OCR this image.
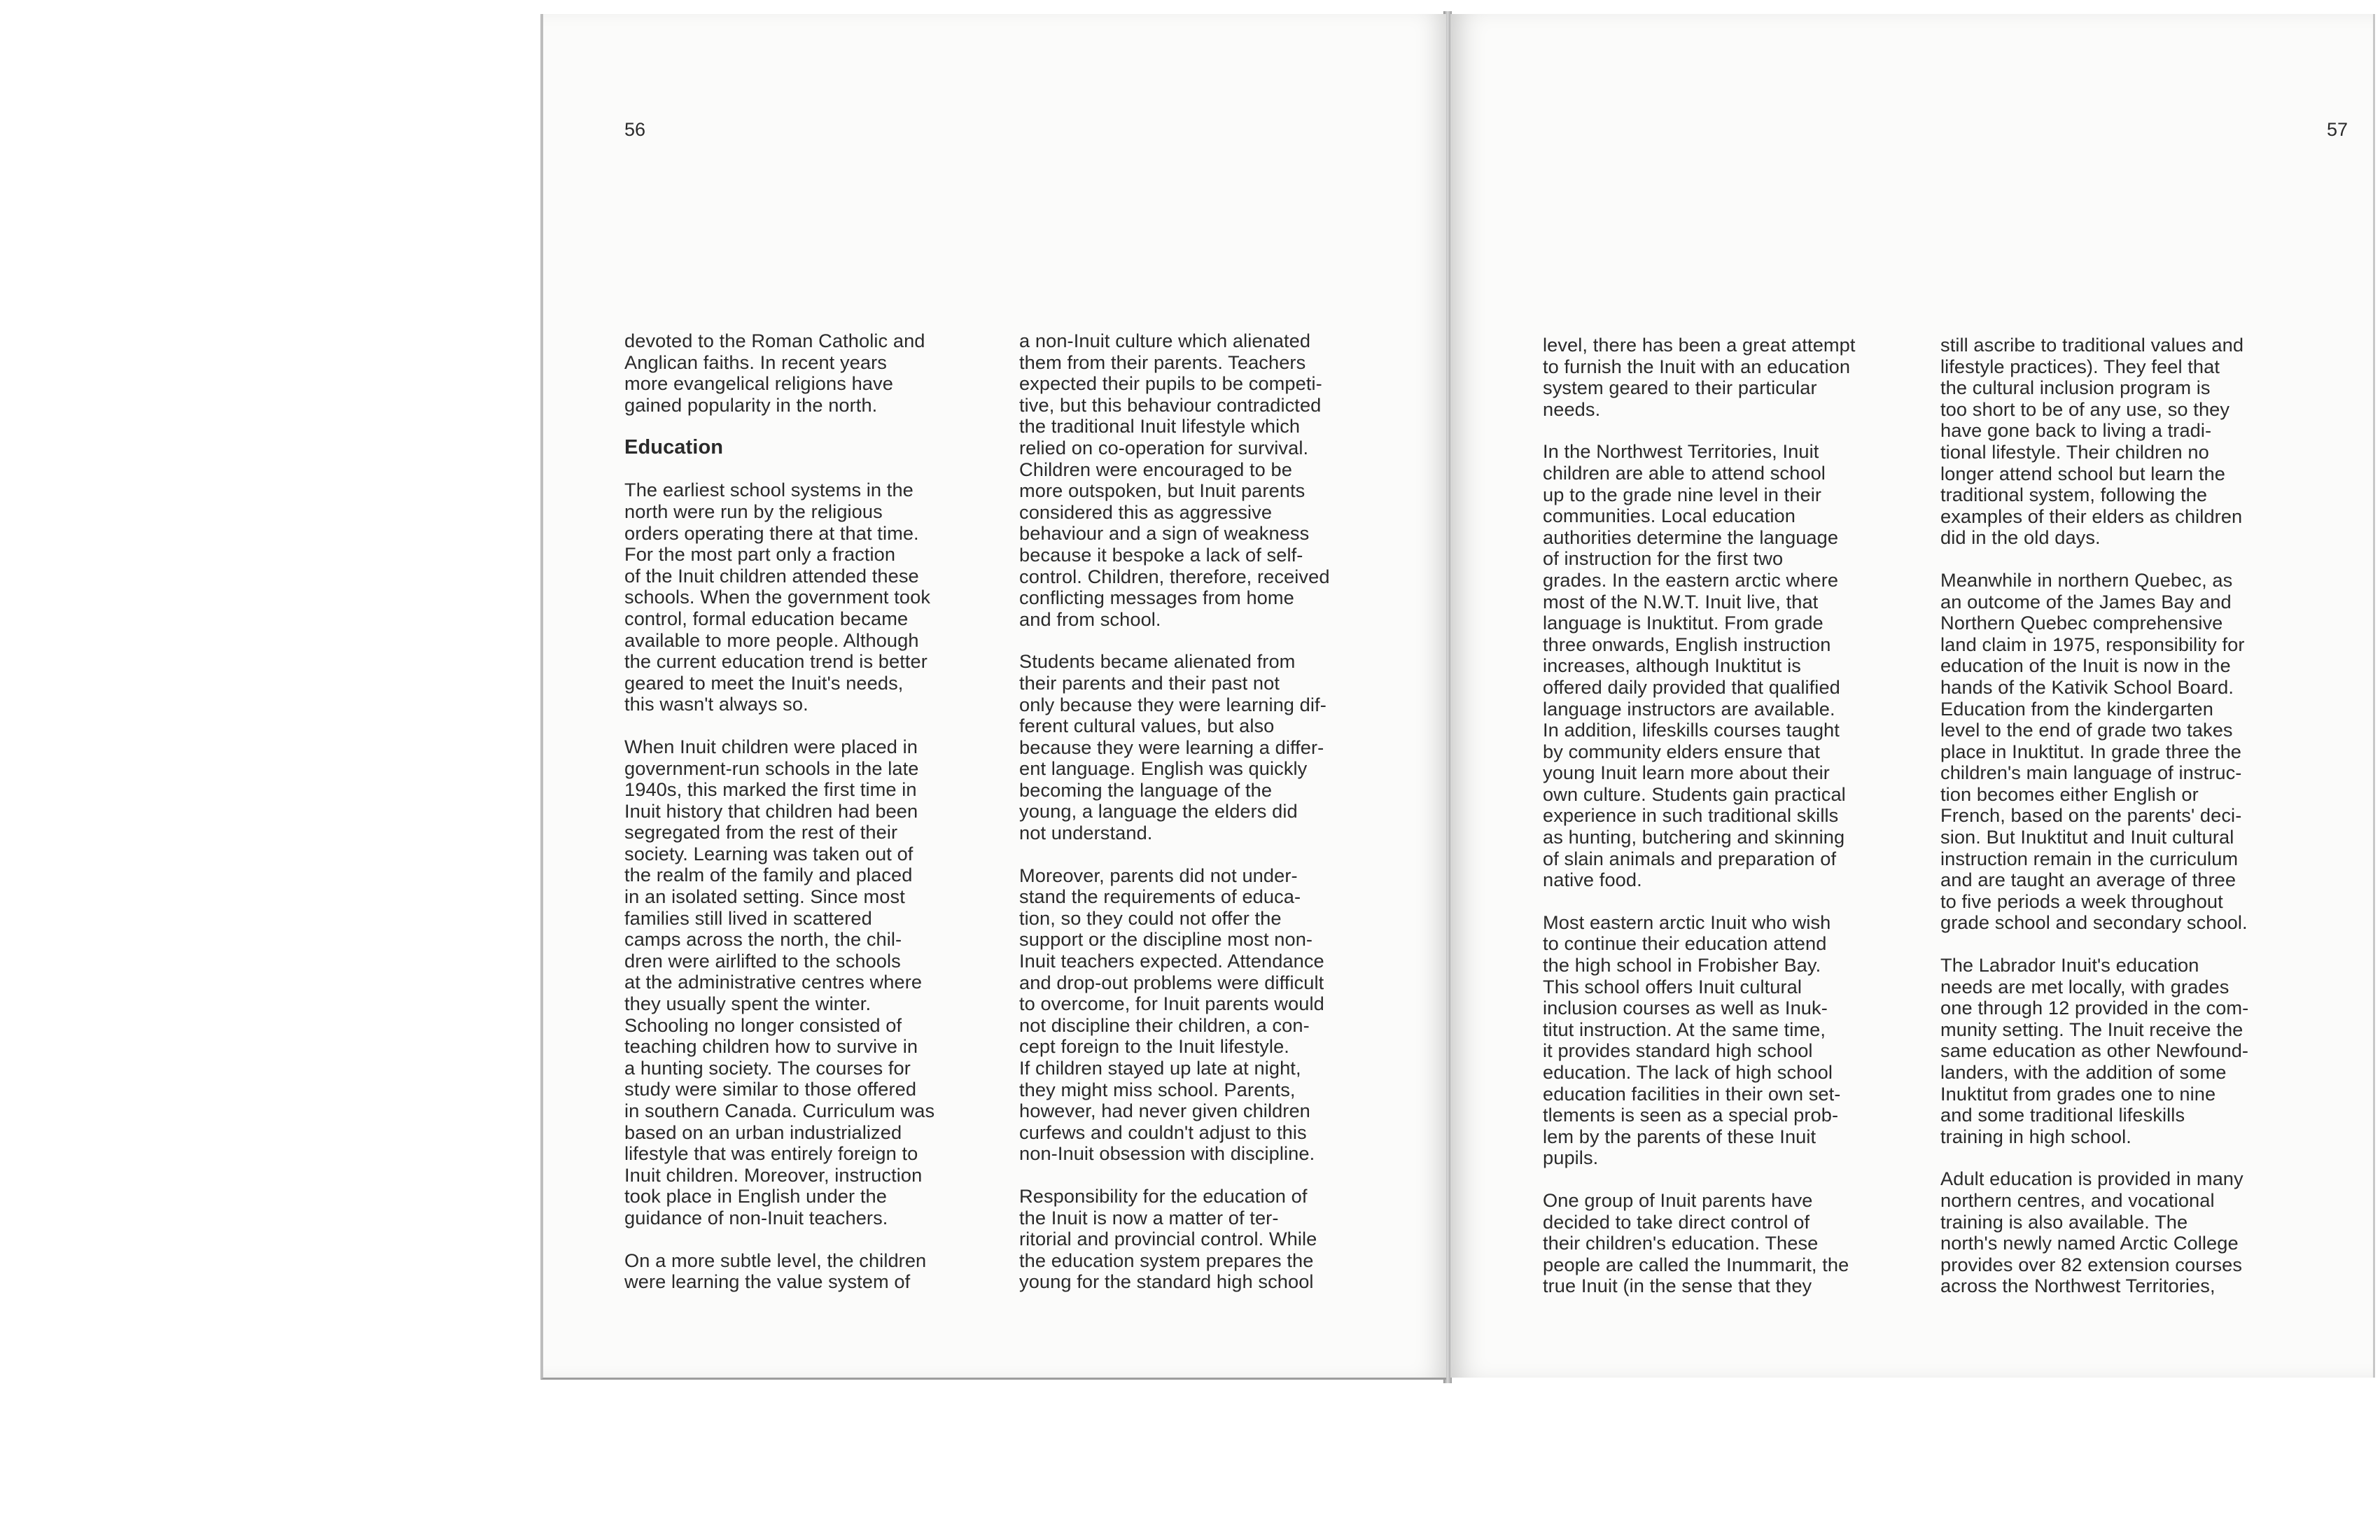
56

devoted to the Roman Catholic and
Anglican faiths. In recent years
more evangelical religions have
gained popularity in the north.

Education

The earliest school systems in the
north were run by the religious
orders operating there at that time.
For the most part only a fraction
of the Inuit children attended these
schools. When the government took
control, formal education became
available to more people. Although
the current education trend is better
geared to meet the Inuit's needs,
this wasn't always so.

When Inuit children were placed in
government-run schools in the late
1940s, this marked the first time in
Inuit history that children had been
segregated from the rest of their
society. Learning was taken out of
the realm of the family and placed
in an isolated setting. Since most
families still lived in scattered
camps across the north, the chil-
dren were airlifted to the schools
at the administrative centres where
they usually spent the winter.
Schooling no longer consisted of
teaching children how to survive in
a hunting society. The courses for
study were similar to those offered
in southern Canada. Curriculum was
based on an urban industrialized
lifestyle that was entirely foreign to
Inuit children. Moreover, instruction
took place in English under the
guidance of non-Inuit teachers.

On a more subtle level, the children
were learning the value system of

a non-Inuit culture which alienated
them from their parents. Teachers
expected their pupils to be competi-
tive, but this behaviour contradicted
the traditional Inuit lifestyle which
relied on co-operation for survival.
Children were encouraged to be
more outspoken, but Inuit parents
considered this as aggressive
behaviour and a sign of weakness
because it bespoke a lack of self-
control. Children, therefore, received
conflicting messages from home
and from school.

Students became alienated from
their parents and their past not
only because they were learning dif-
ferent cultural values, but also
because they were learning a differ-
ent language. English was quickly
becoming the language of the
young, a language the elders did
not understand.

Moreover, parents did not under-
stand the requirements of educa-
tion, so they could not offer the
support or the discipline most non-
Inuit teachers expected. Attendance
and drop-out problems were difficult
to overcome, for Inuit parents would
not discipline their children, a con-
cept foreign to the Inuit lifestyle.
If children stayed up late at night,
they might miss school. Parents,
however, had never given children
curfews and couldn't adjust to this
non-Inuit obsession with discipline.

Responsibility for the education of
the Inuit is now a matter of ter-
ritorial and provincial control. While
the education system prepares the
young for the standard high school

57

level, there has been a great attempt
to furnish the Inuit with an education
system geared to their particular
needs.

In the Northwest Territories, Inuit
children are able to attend school
up to the grade nine level in their
communities. Local education
authorities determine the language
of instruction for the first two
grades. In the eastern arctic where
most of the N.W.T. Inuit live, that
language is Inuktitut. From grade
three onwards, English instruction
increases, although Inuktitut is
offered daily provided that qualified
language instructors are available.
In addition, lifeskills courses taught
by community elders ensure that
young Inuit learn more about their
own culture. Students gain practical
experience in such traditional skills
as hunting, butchering and skinning
of slain animals and preparation of
native food.

Most eastern arctic Inuit who wish
to continue their education attend
the high school in Frobisher Bay.
This school offers Inuit cultural
inclusion courses as well as Inuk-
titut instruction. At the same time,
it provides standard high school
education. The lack of high school
education facilities in their own set-
tlements is seen as a special prob-
lem by the parents of these Inuit
pupils.

One group of Inuit parents have
decided to take direct control of
their children's education. These
people are called the Inummarit, the
true Inuit (in the sense that they

still ascribe to traditional values and
lifestyle practices). They feel that
the cultural inclusion program is
too short to be of any use, so they
have gone back to living a tradi-
tional lifestyle. Their children no
longer attend school but learn the
traditional system, following the
examples of their elders as children
did in the old days.

Meanwhile in northern Quebec, as
an outcome of the James Bay and
Northern Quebec comprehensive
land claim in 1975, responsibility for
education of the Inuit is now in the
hands of the Kativik School Board.
Education from the kindergarten
level to the end of grade two takes
place in Inuktitut. In grade three the
children's main language of instruc-
tion becomes either English or
French, based on the parents' deci-
sion. But Inuktitut and Inuit cultural
instruction remain in the curriculum
and are taught an average of three
to five periods a week throughout
grade school and secondary school.

The Labrador Inuit's education
needs are met locally, with grades
one through 12 provided in the com-
munity setting. The Inuit receive the
same education as other Newfound-
landers, with the addition of some
Inuktitut from grades one to nine
and some traditional lifeskills
training in high school.

Adult education is provided in many
northern centres, and vocational
training is also available. The
north's newly named Arctic College
provides over 82 extension courses
across the Northwest Territories,
